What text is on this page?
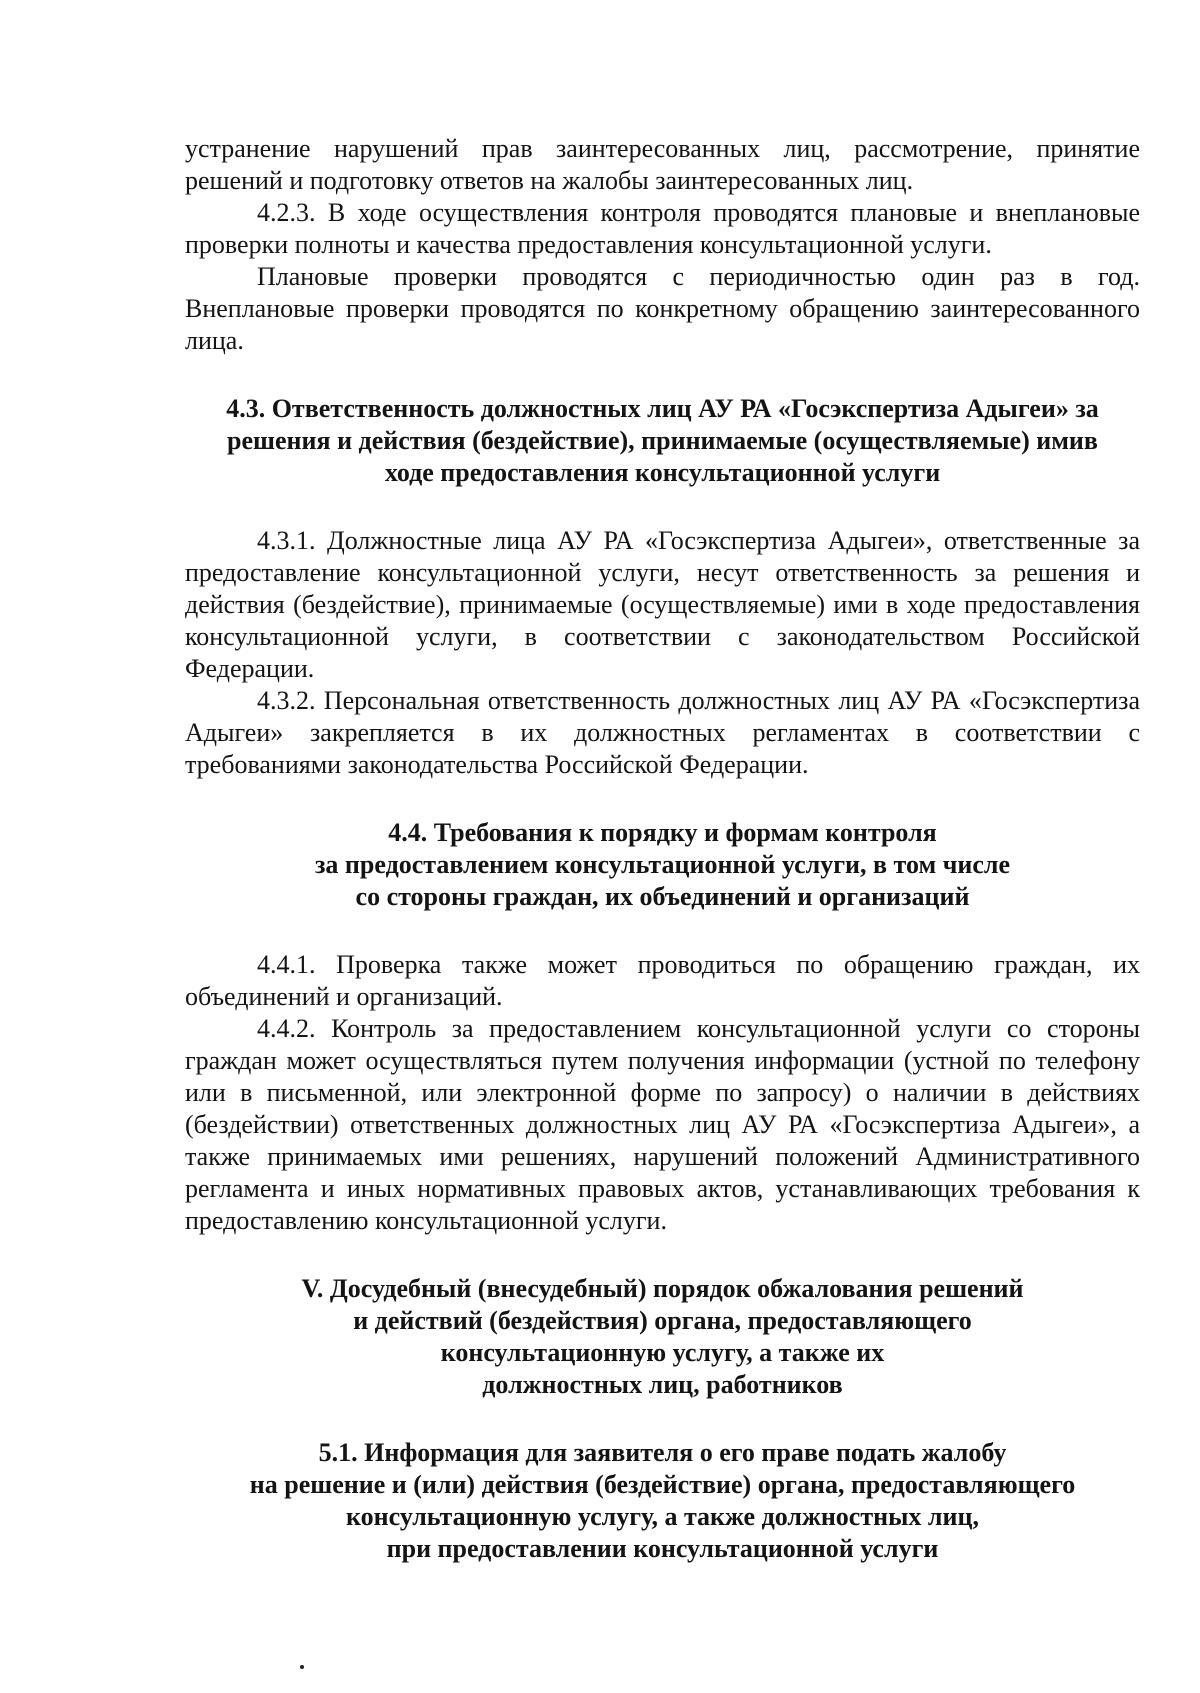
устранение нарушений прав заинтересованных лиц, рассмотрение, принятие решений и подготовку ответов на жалобы заинтересованных лиц.

4.2.3. В ходе осуществления контроля проводятся плановые и внеплановые проверки полноты и качества предоставления консультационной услуги.

Плановые проверки проводятся с периодичностью один раз в год. Внеплановые проверки проводятся по конкретному обращению заинтересованного лица.

4.3. Ответственность должностных лиц АУ РА «Госэкспертиза Адыгеи» за
решения и действия (бездействие), принимаемые (осуществляемые) имив
ходе предоставления консультационной услуги

4.3.1. Должностные лица АУ РА «Госэкспертиза Адыгеи», ответственные за предоставление консультационной услуги, несут ответственность за решения и действия (бездействие), принимаемые (осуществляемые) ими в ходе предоставления консультационной услуги, в соответствии с законодательством Российской Федерации.

4.3.2. Персональная ответственность должностных лиц АУ РА «Госэкспертиза Адыгеи» закрепляется в их должностных регламентах в соответствии с требованиями законодательства Российской Федерации.

4.4. Требования к порядку и формам контроля
за предоставлением консультационной услуги, в том числе
со стороны граждан, их объединений и организаций

4.4.1. Проверка также может проводиться по обращению граждан, их объединений и организаций.

4.4.2. Контроль за предоставлением консультационной услуги со стороны граждан может осуществляться путем получения информации (устной по телефону или в письменной, или электронной форме по запросу) о наличии в действиях (бездействии) ответственных должностных лиц АУ РА «Госэкспертиза Адыгеи», а также принимаемых ими решениях, нарушений положений Административного регламента и иных нормативных правовых актов, устанавливающих требования к предоставлению консультационной услуги.

V. Досудебный (внесудебный) порядок обжалования решений
и действий (бездействия) органа, предоставляющего
консультационную услугу, а также их
должностных лиц, работников
5.1. Информация для заявителя о его праве подать жалобу
на решение и (или) действия (бездействие) органа, предоставляющего
консультационную услугу, а также должностных лиц,
при предоставлении консультационной услуги
